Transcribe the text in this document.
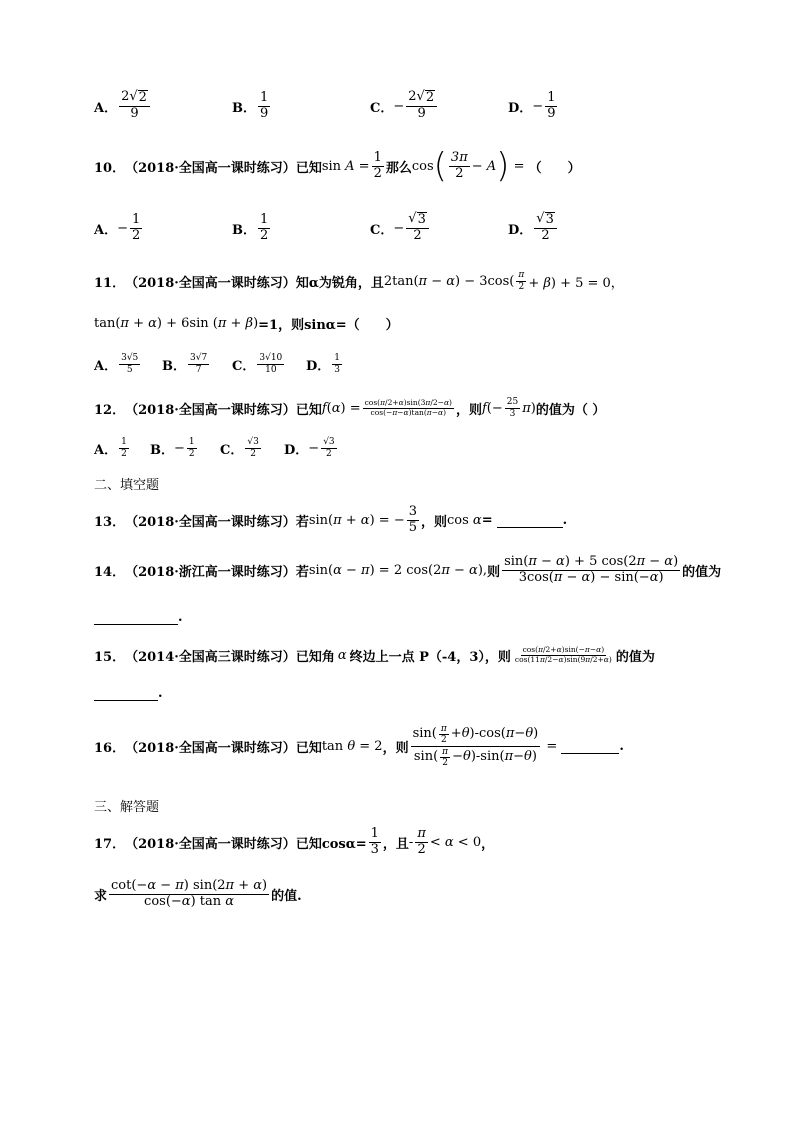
A． $\frac{2 √ 2}{9}$	B． $\frac{1}{9}$	C． − $\frac{2 √ 2}{9}$	D． − $\frac{1}{9}$
10． （2018·全国高一课时练习） 已知 $\sin A = \frac{1}{2}$ 那么 cos ( $\frac{3\pi}{2} - A$ ) = （　　）
A． − $\frac{1}{2}$	B． $\frac{1}{2}$	C． − $\frac{√ 3}{2}$	D． $\frac{√ 3}{2}$
11． （2018·全国高一课时练习） 知α为锐角，且 $2\tan(\pi - \alpha) - 3\cos( \frac{\pi}{2} + \beta) + 5 = 0$，
tan(π + α) + 6sin (π + β) =1，则sinα=（　　）
A． $\frac{3√5}{5}$ B． $\frac{3√7}{7}$ C． $\frac{3√10}{10}$ D． $\frac{1}{3}$
12． （2018·全国高一课时练习） 已知 $f(\alpha) = \frac{\cos(\pi/2+\alpha)\sin(3\pi/2-\alpha)}{\cos(-\pi-\alpha)\tan(\pi-\alpha)}$ ，则 $f(- \frac{25}{3} \pi)$ 的值为（ ）
A． $\frac{1}{2}$ B． − $\frac{1}{2}$ C． $\frac{√3}{2}$ D． − $\frac{√3}{2}$
二、填空题
13． （2018·全国高一课时练习） 若 sin(π + α) = − $\frac{3}{5}$ ，则 cos α =	.
14． （2018·浙江高一课时练习） 若 sin(α − π) = 2 cos(2π − α), 则 $\frac{\sin(\pi - \alpha) + 5 \cos(2\pi - \alpha)}{3\cos(\pi - \alpha) - \sin(-\alpha)}$ 的值为
.
15． （2014·全国高三课时练习） 已知角 α 终边上一点 P（-4，3），则 $\frac{\cos(\pi/2+\alpha)\sin(-\pi-\alpha)}{\cos(11\pi/2-\alpha)\sin(9\pi/2+\alpha)}$ 的值为
.
16． （2018·全国高一课时练习） 已知 tan θ = 2 ，则 $\frac{\sin( \frac{\pi}{2} + \theta )-\cos( \pi - \theta )}{\sin( \frac{\pi}{2} - \theta )-\sin( \pi - \theta )}$ =	.
三、解答题
17． （2018·全国高一课时练习） 已知$\cos\alpha= \frac{1}{3}$ ，且 - $\frac{\pi}{2} < \alpha < 0$ ，
求 $\frac{\cot(-\alpha - \pi) \sin(2\pi + \alpha)}{\text{cos(−α) tan α}}$ 的值.
